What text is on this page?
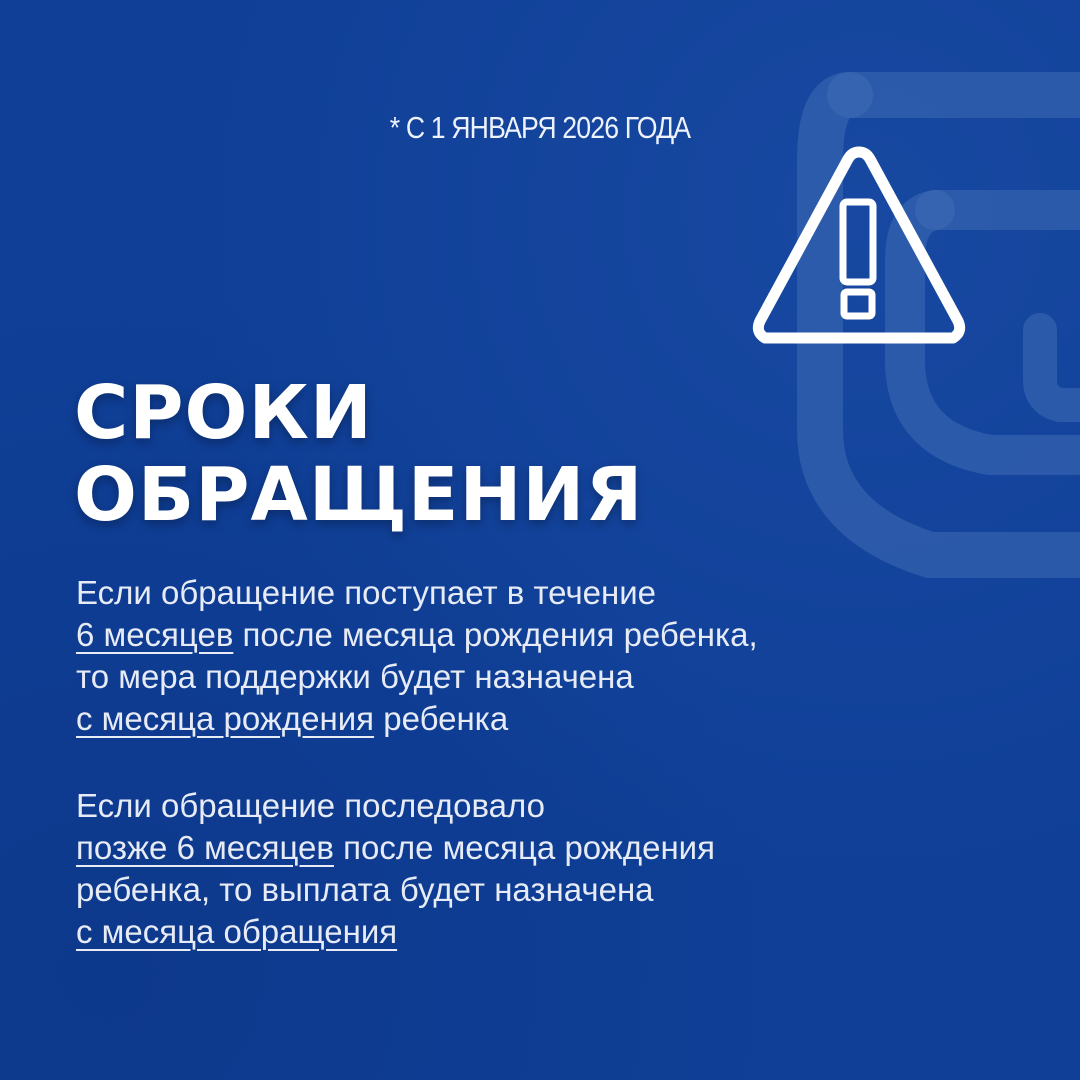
* С 1 ЯНВАРЯ 2026 ГОДА
СРОКИ
ОБРАЩЕНИЯ
Если обращение поступает в течение
6 месяцев после месяца рождения ребенка,
то мера поддержки будет назначена
с месяца рождения ребенка
Если обращение последовало
позже 6 месяцев после месяца рождения
ребенка, то выплата будет назначена
с месяца обращения
